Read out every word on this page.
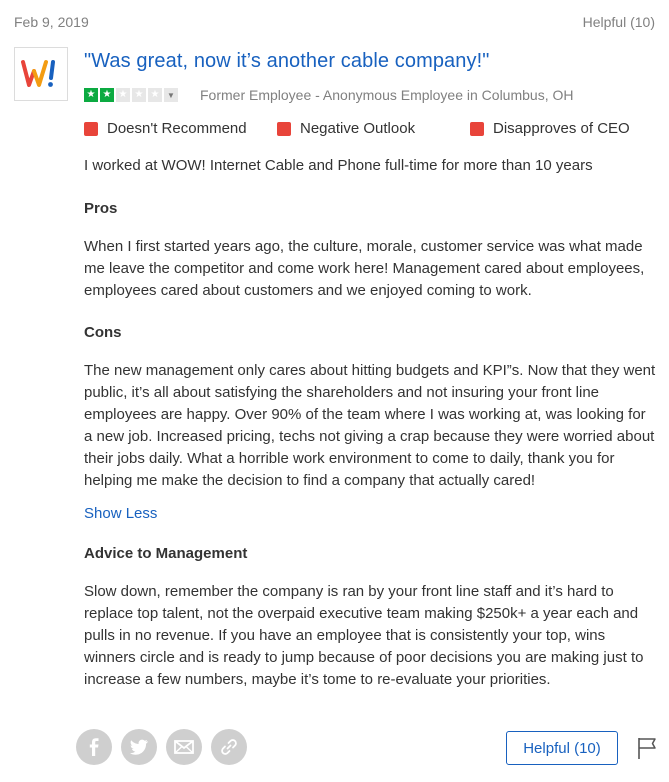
Feb 9, 2019	Helpful (10)
"Was great, now it’s another cable company!"
★ ★ ★ ★ ★ ▼ Former Employee - Anonymous Employee in Columbus, OH
Doesn't Recommend	Negative Outlook	Disapproves of CEO
I worked at WOW! Internet Cable and Phone full-time for more than 10 years
Pros
When I first started years ago, the culture, morale, customer service was what made me leave the competitor and come work here! Management cared about employees, employees cared about customers and we enjoyed coming to work.
Cons
The new management only cares about hitting budgets and KPI”s. Now that they went public, it’s all about satisfying the shareholders and not insuring your front line employees are happy. Over 90% of the team where I was working at, was looking for a new job. Increased pricing, techs not giving a crap because they were worried about their jobs daily. What a horrible work environment to come to daily, thank you for helping me make the decision to find a company that actually cared!
Show Less
Advice to Management
Slow down, remember the company is ran by your front line staff and it’s hard to replace top talent, not the overpaid executive team making $250k+ a year each and pulls in no revenue. If you have an employee that is consistently your top, wins winners circle and is ready to jump because of poor decisions you are making just to increase a few numbers, maybe it’s tome to re-evaluate your priorities.
Helpful (10)
